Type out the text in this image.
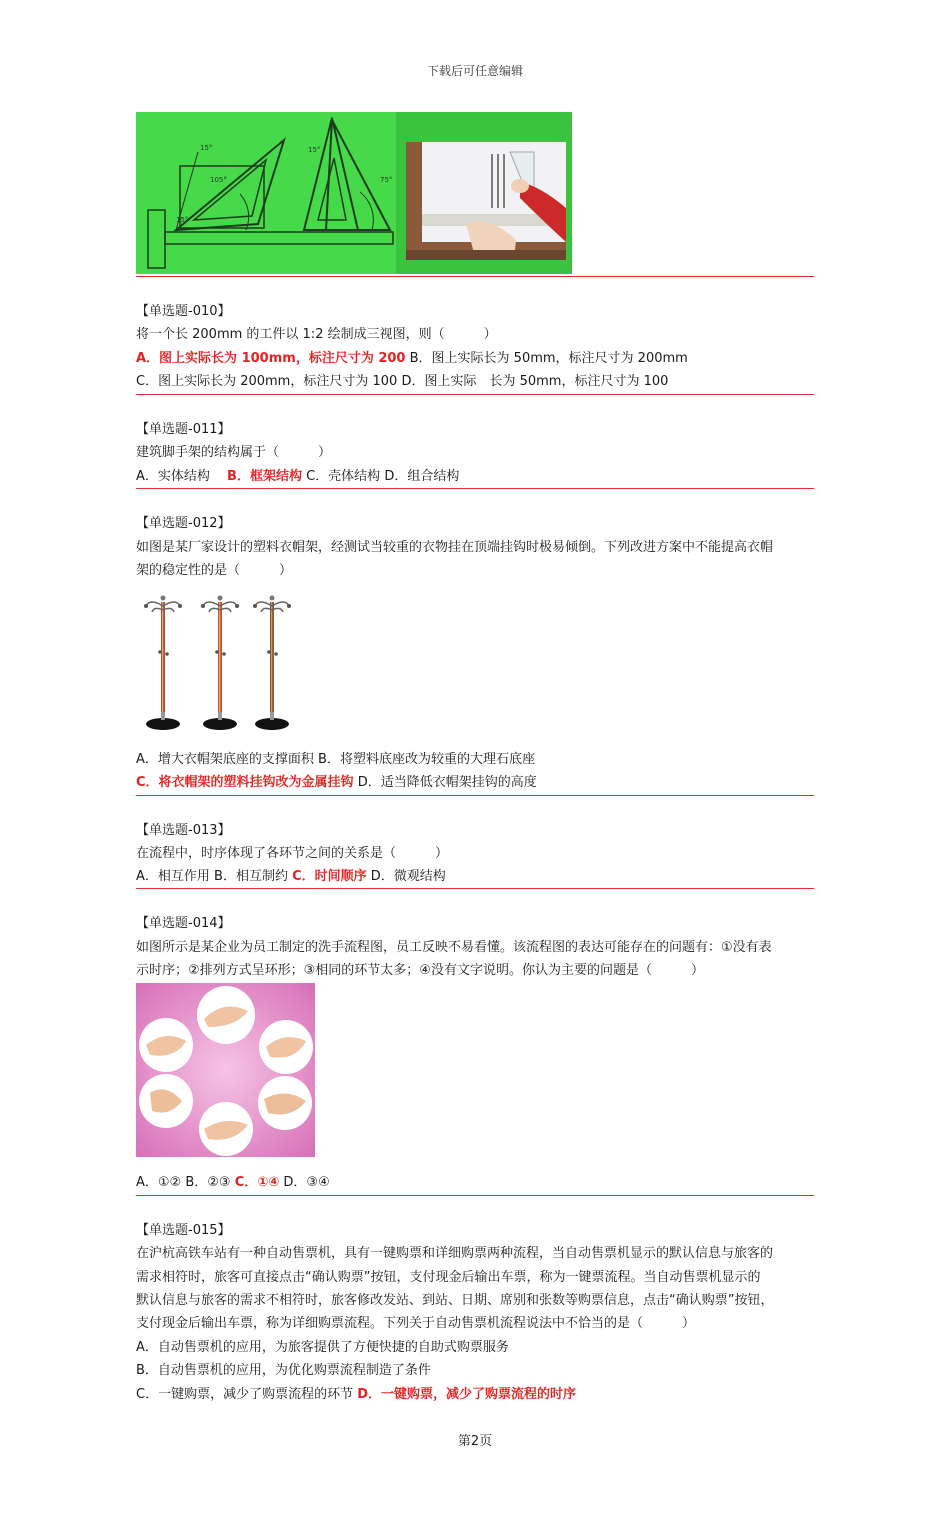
下载后可任意编辑
15°
105°
15°
15°
75°
【单选题-010】
将一个长 200mm 的工件以 1:2 绘制成三视图，则（　　　）
A．图上实际长为 100mm，标注尺寸为 200 B．图上实际长为 50mm，标注尺寸为 200mm
C．图上实际长为 200mm，标注尺寸为 100 D．图上实际　长为 50mm，标注尺寸为 100
【单选题-011】
建筑脚手架的结构属于（　　　）
A．实体结构　 B．框架结构 C．壳体结构 D．组合结构
【单选题-012】
如图是某厂家设计的塑料衣帽架，经测试当较重的衣物挂在顶端挂钩时极易倾倒。下列改进方案中不能提高衣帽
架的稳定性的是（　　　）
A．增大衣帽架底座的支撑面积 B．将塑料底座改为较重的大理石底座
C．将衣帽架的塑料挂钩改为金属挂钩 D．适当降低衣帽架挂钩的高度
【单选题-013】
在流程中，时序体现了各环节之间的关系是（　　　）
A．相互作用 B．相互制约 C．时间顺序 D．微观结构
【单选题-014】
如图所示是某企业为员工制定的洗手流程图，员工反映不易看懂。该流程图的表达可能存在的问题有：①没有表
示时序；②排列方式呈环形；③相同的环节太多；④没有文字说明。你认为主要的问题是（　　　）
A．①② B．②③ C．①④ D．③④
【单选题-015】
在沪杭高铁车站有一种自动售票机，具有一键购票和详细购票两种流程，当自动售票机显示的默认信息与旅客的
需求相符时，旅客可直接点击“确认购票”按钮，支付现金后输出车票，称为一键票流程。当自动售票机显示的
默认信息与旅客的需求不相符时，旅客修改发站、到站、日期、席别和张数等购票信息，点击“确认购票”按钮，
支付现金后输出车票，称为详细购票流程。下列关于自动售票机流程说法中不恰当的是（　　　）
A．自动售票机的应用，为旅客提供了方便快捷的自助式购票服务
B．自动售票机的应用，为优化购票流程制造了条件
C．一键购票，减少了购票流程的环节 D．一键购票，减少了购票流程的时序
第2页
